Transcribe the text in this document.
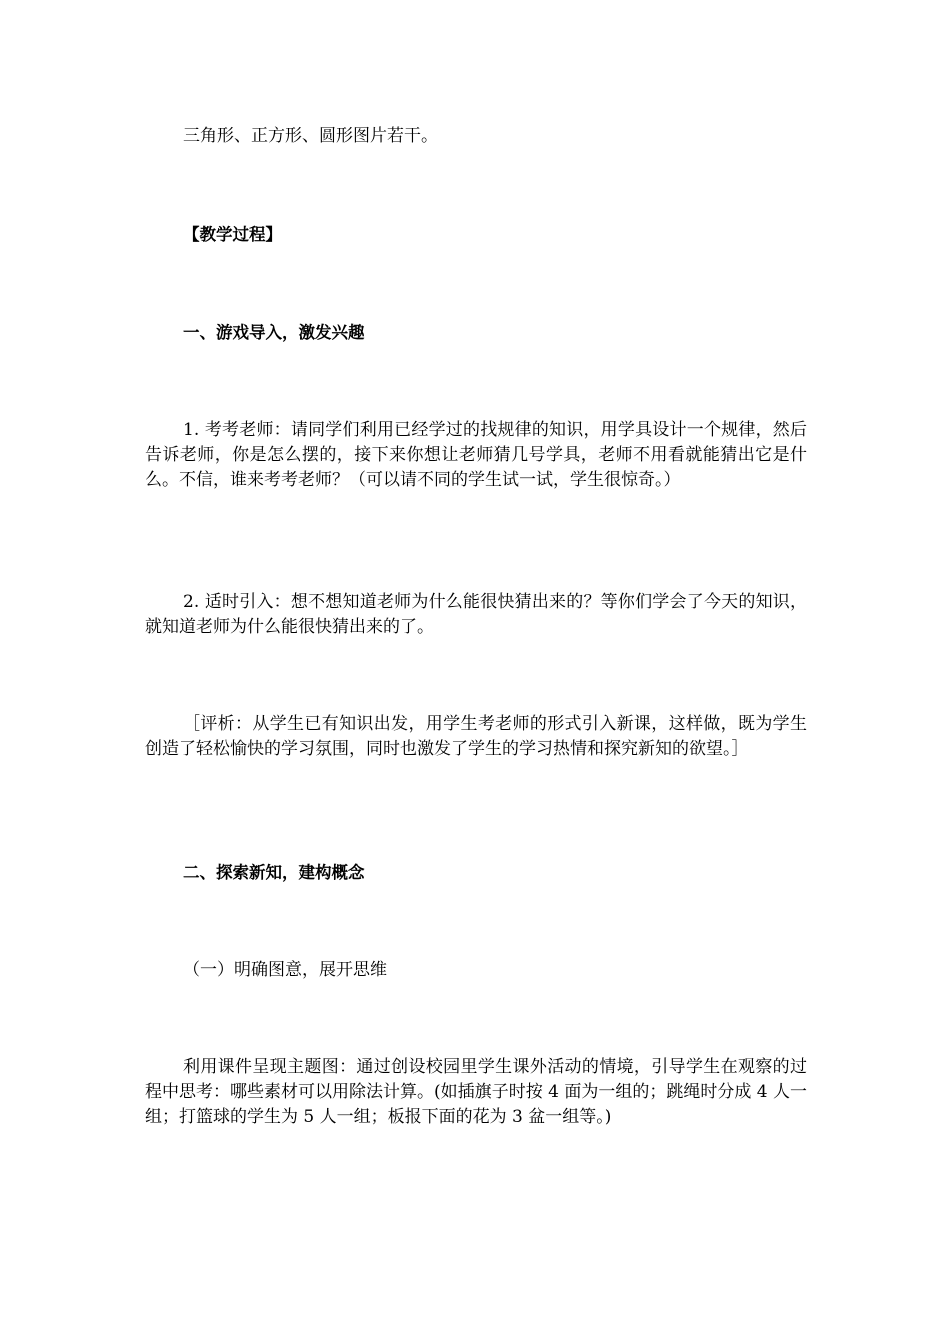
三角形、正方形、圆形图片若干。

【教学过程】

一、游戏导入，激发兴趣

1. 考考老师：请同学们利用已经学过的找规律的知识，用学具设计一个规律，然后告诉老师，你是怎么摆的，接下来你想让老师猜几号学具，老师不用看就能猜出它是什么。不信，谁来考考老师？（可以请不同的学生试一试，学生很惊奇。）

2. 适时引入：想不想知道老师为什么能很快猜出来的？等你们学会了今天的知识，就知道老师为什么能很快猜出来的了。

［评析：从学生已有知识出发，用学生考老师的形式引入新课，这样做，既为学生创造了轻松愉快的学习氛围，同时也激发了学生的学习热情和探究新知的欲望。］

二、探索新知，建构概念

（一）明确图意，展开思维

利用课件呈现主题图：通过创设校园里学生课外活动的情境，引导学生在观察的过程中思考：哪些素材可以用除法计算。(如插旗子时按 4 面为一组的；跳绳时分成 4 人一组；打篮球的学生为 5 人一组；板报下面的花为 3 盆一组等。)
